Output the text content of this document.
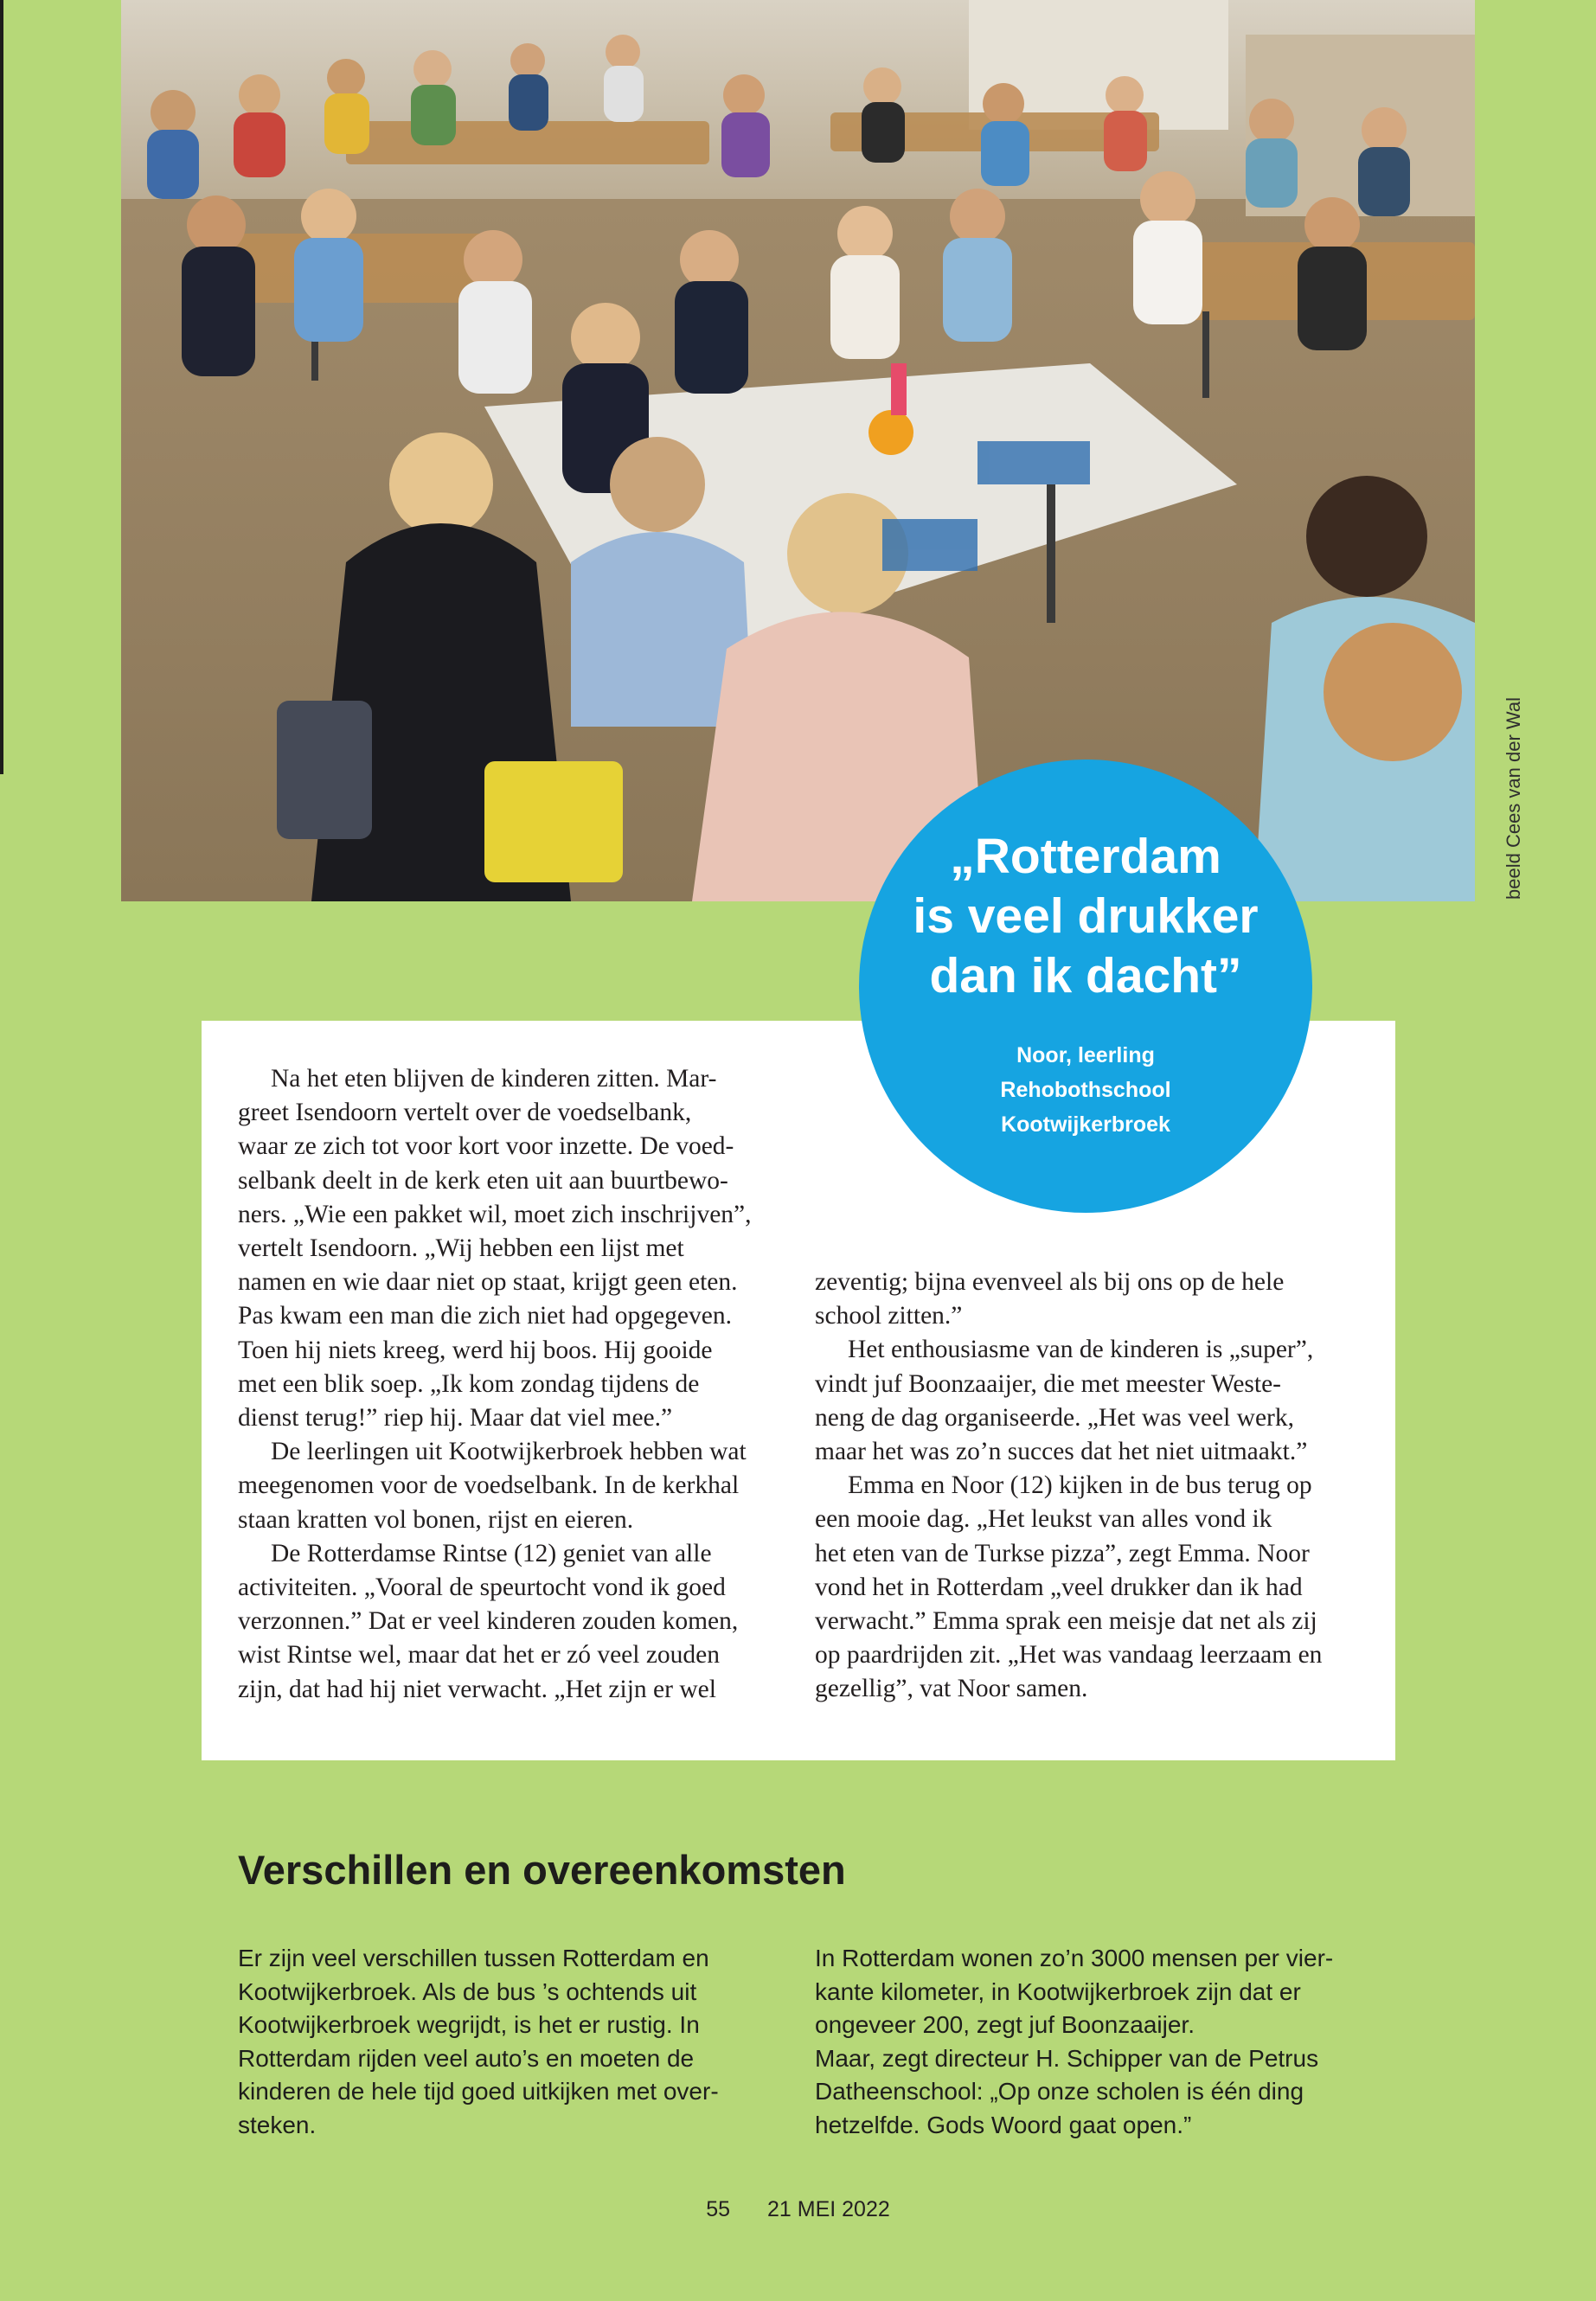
beeld Cees van der Wal

Na het eten blijven de kinderen zitten. Mar-
greet Isendoorn vertelt over de voedselbank,
waar ze zich tot voor kort voor inzette. De voed-
selbank deelt in de kerk eten uit aan buurtbewo-
ners. „Wie een pakket wil, moet zich inschrijven”,
vertelt Isendoorn. „Wij hebben een lijst met
namen en wie daar niet op staat, krijgt geen eten.
Pas kwam een man die zich niet had opgegeven.
Toen hij niets kreeg, werd hij boos. Hij gooide
met een blik soep. „Ik kom zondag tijdens de
dienst terug!” riep hij. Maar dat viel mee.”

De leerlingen uit Kootwijkerbroek hebben wat
meegenomen voor de voedselbank. In de kerkhal
staan kratten vol bonen, rijst en eieren.

De Rotterdamse Rintse (12) geniet van alle
activiteiten. „Vooral de speurtocht vond ik goed
verzonnen.” Dat er veel kinderen zouden komen,
wist Rintse wel, maar dat het er zó veel zouden
zijn, dat had hij niet verwacht. „Het zijn er wel

zeventig; bijna evenveel als bij ons op de hele
school zitten.”

Het enthousiasme van de kinderen is „super”,
vindt juf Boonzaaijer, die met meester Weste-
neng de dag organiseerde. „Het was veel werk,
maar het was zo’n succes dat het niet uitmaakt.”

Emma en Noor (12) kijken in de bus terug op
een mooie dag. „Het leukst van alles vond ik
het eten van de Turkse pizza”, zegt Emma. Noor
vond het in Rotterdam „veel drukker dan ik had
verwacht.” Emma sprak een meisje dat net als zij
op paardrijden zit. „Het was vandaag leerzaam en
gezellig”, vat Noor samen.

„Rotterdam
is veel drukker
dan ik dacht”
Noor, leerling
Rehobothschool
Kootwijkerbroek
Verschillen en overeenkomsten

Er zijn veel verschillen tussen Rotterdam en
Kootwijkerbroek. Als de bus ’s ochtends uit
Kootwijkerbroek wegrijdt, is het er rustig. In
Rotterdam rijden veel auto’s en moeten de
kinderen de hele tijd goed uitkijken met over-
steken.

In Rotterdam wonen zo’n 3000 mensen per vier-
kante kilometer, in Kootwijkerbroek zijn dat er
ongeveer 200, zegt juf Boonzaaijer.
Maar, zegt directeur H. Schipper van de Petrus
Datheenschool: „Op onze scholen is één ding
hetzelfde. Gods Woord gaat open.”

55 21 MEI 2022
